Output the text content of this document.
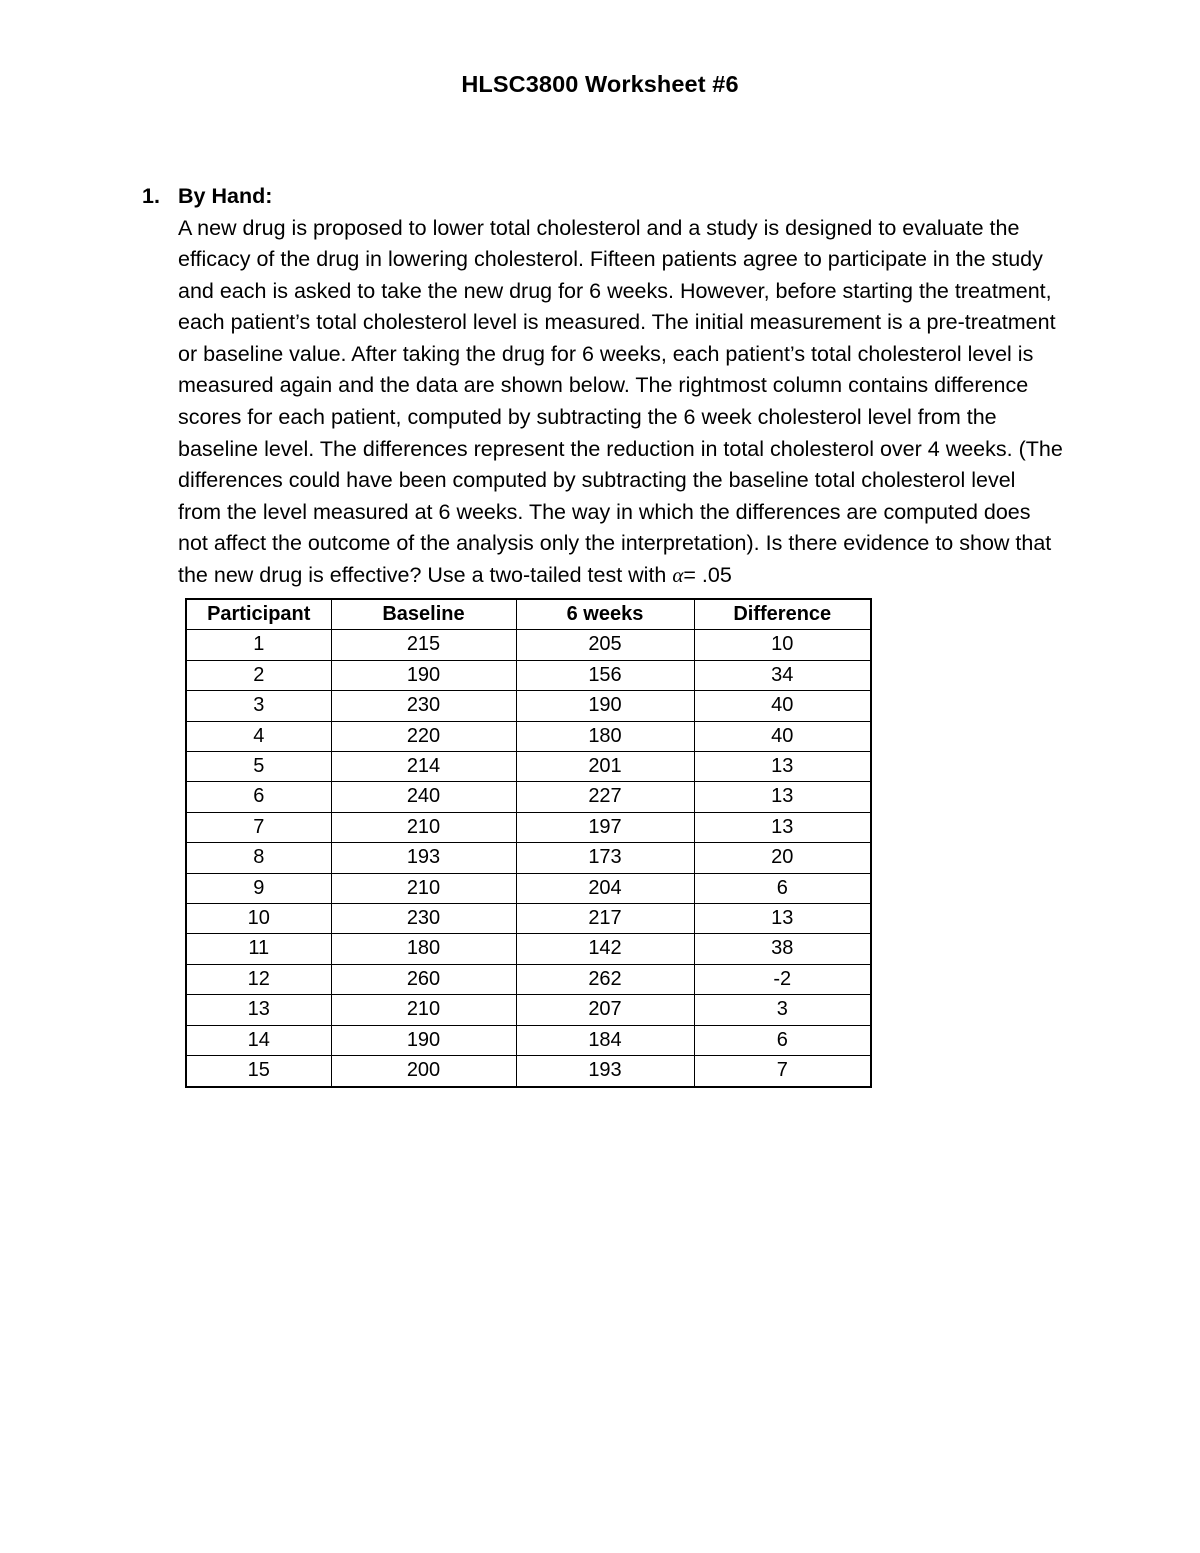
HLSC3800 Worksheet #6
1. By Hand:
A new drug is proposed to lower total cholesterol and a study is designed to evaluate the efficacy of the drug in lowering cholesterol. Fifteen patients agree to participate in the study and each is asked to take the new drug for 6 weeks. However, before starting the treatment, each patient’s total cholesterol level is measured. The initial measurement is a pre-treatment or baseline value. After taking the drug for 6 weeks, each patient’s total cholesterol level is measured again and the data are shown below. The rightmost column contains difference scores for each patient, computed by subtracting the 6 week cholesterol level from the baseline level. The differences represent the reduction in total cholesterol over 4 weeks. (The differences could have been computed by subtracting the baseline total cholesterol level from the level measured at 6 weeks. The way in which the differences are computed does not affect the outcome of the analysis only the interpretation). Is there evidence to show that the new drug is effective? Use a two-tailed test with α= .05
Participant	Baseline	6 weeks	Difference
1	215	205	10
2	190	156	34
3	230	190	40
4	220	180	40
5	214	201	13
6	240	227	13
7	210	197	13
8	193	173	20
9	210	204	6
10	230	217	13
11	180	142	38
12	260	262	-2
13	210	207	3
14	190	184	6
15	200	193	7
